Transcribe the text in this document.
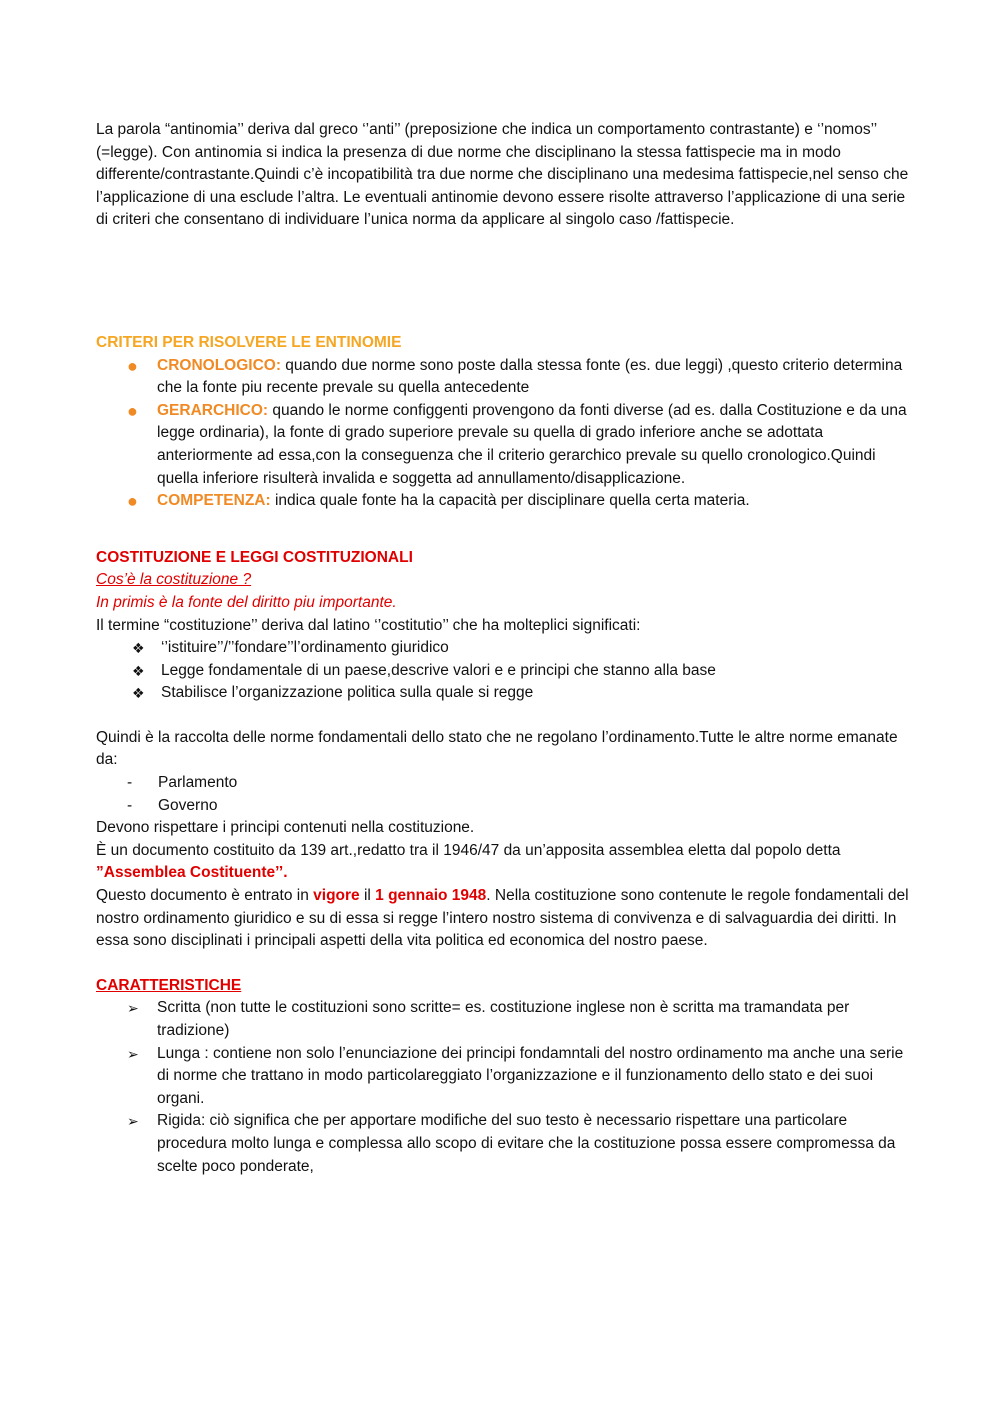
La parola “antinomia’’ deriva dal greco ‘’anti’’ (preposizione che indica un comportamento contrastante) e ‘’nomos’’ (=legge). Con antinomia si indica la presenza di due norme che disciplinano la stessa fattispecie ma in modo differente/contrastante.Quindi c’è incopatibilità tra due norme che disciplinano una medesima fattispecie,nel senso che l’applicazione di una esclude l’altra. Le eventuali antinomie devono essere risolte attraverso l’applicazione di una serie di criteri che consentano di individuare l’unica norma da applicare al singolo caso /fattispecie.

CRITERI PER RISOLVERE LE ENTINOMIE

● CRONOLOGICO: quando due norme sono poste dalla stessa fonte (es. due leggi) ,questo criterio determina che la fonte piu recente prevale su quella antecedente
● GERARCHICO: quando le norme configgenti provengono da fonti diverse (ad es. dalla Costituzione e da una legge ordinaria), la fonte di grado superiore prevale su quella di grado inferiore anche se adottata anteriormente ad essa,con la conseguenza che il criterio gerarchico prevale su quello cronologico.Quindi quella inferiore risulterà invalida e soggetta ad annullamento/disapplicazione.
● COMPETENZA: indica quale fonte ha la capacità per disciplinare quella certa materia.

COSTITUZIONE E LEGGI COSTITUZIONALI

Cos’è la costituzione ?

In primis è la fonte del diritto piu importante.

Il termine “costituzione’’ deriva dal latino ‘’costitutio’’ che ha molteplici significati:

❖ ‘’istituire’’/’’fondare’’l’ordinamento giuridico
❖ Legge fondamentale di un paese,descrive valori e e principi che stanno alla base
❖ Stabilisce l’organizzazione politica sulla quale si regge

Quindi è la raccolta delle norme fondamentali dello stato che ne regolano l’ordinamento.Tutte le altre norme emanate da:

- Parlamento
- Governo

Devono rispettare i principi contenuti nella costituzione.

È un documento costituito da 139 art.,redatto tra il 1946/47 da un’apposita assemblea eletta dal popolo detta ”Assemblea Costituente’’.

Questo documento è entrato in vigore il 1 gennaio 1948. Nella costituzione sono contenute le regole fondamentali del nostro ordinamento giuridico e su di essa si regge l’intero nostro sistema di convivenza e di salvaguardia dei diritti. In essa sono disciplinati i principali aspetti della vita politica ed economica del nostro paese.

CARATTERISTICHE

➢ Scritta (non tutte le costituzioni sono scritte= es. costituzione inglese non è scritta ma tramandata per tradizione)
➢ Lunga : contiene non solo l’enunciazione dei principi fondamntali del nostro ordinamento ma anche una serie di norme che trattano in modo particolareggiato l’organizzazione e il funzionamento dello stato e dei suoi organi.
➢ Rigida: ciò significa che per apportare modifiche del suo testo è necessario rispettare una particolare procedura molto lunga e complessa allo scopo di evitare che la costituzione possa essere compromessa da scelte poco ponderate,
